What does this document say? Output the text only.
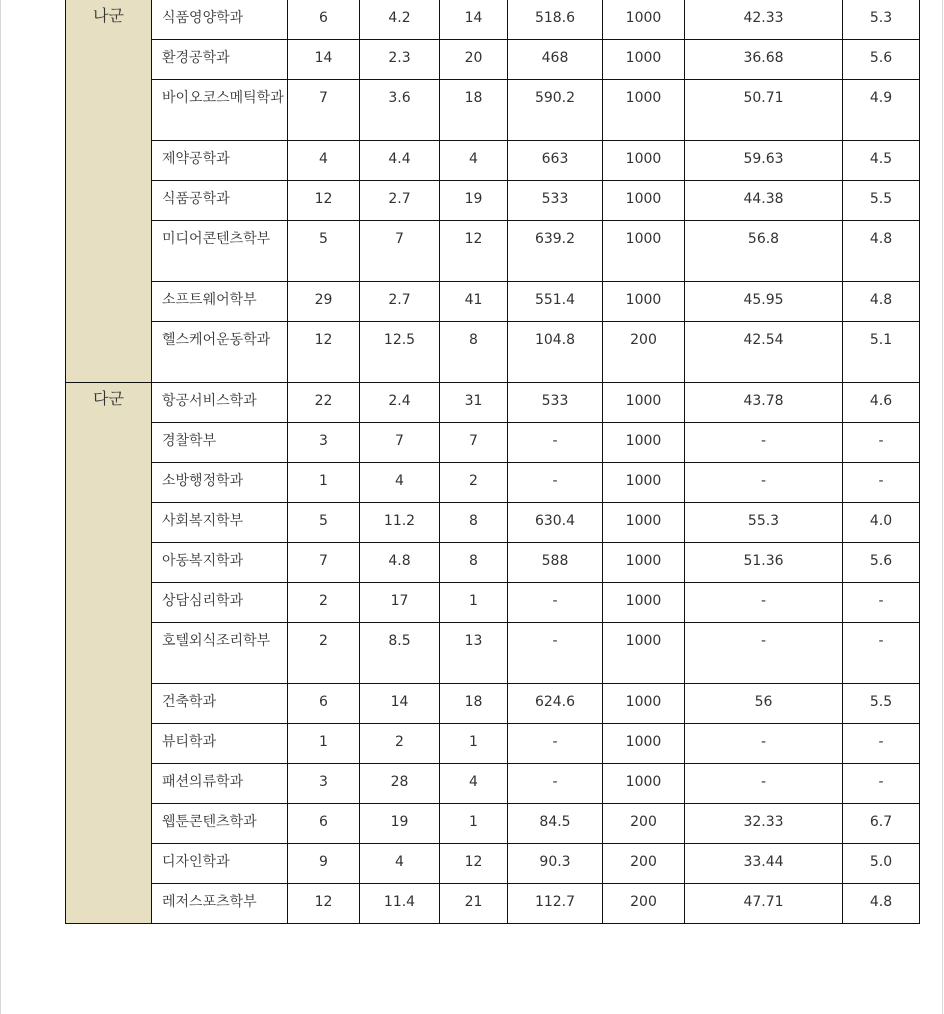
나군	식품영양학과	6	4.2	14	518.6	1000	42.33	5.3
	환경공학과	14	2.3	20	468	1000	36.68	5.6
	바이오코스메틱학과	7	3.6	18	590.2	1000	50.71	4.9
	제약공학과	4	4.4	4	663	1000	59.63	4.5
	식품공학과	12	2.7	19	533	1000	44.38	5.5
	미디어콘텐츠학부	5	7	12	639.2	1000	56.8	4.8
	소프트웨어학부	29	2.7	41	551.4	1000	45.95	4.8
	헬스케어운동학과	12	12.5	8	104.8	200	42.54	5.1
다군	항공서비스학과	22	2.4	31	533	1000	43.78	4.6
	경찰학부	3	7	7	-	1000	-	-
	소방행정학과	1	4	2	-	1000	-	-
	사회복지학부	5	11.2	8	630.4	1000	55.3	4.0
	아동복지학과	7	4.8	8	588	1000	51.36	5.6
	상담심리학과	2	17	1	-	1000	-	-
	호텔외식조리학부	2	8.5	13	-	1000	-	-
	건축학과	6	14	18	624.6	1000	56	5.5
	뷰티학과	1	2	1	-	1000	-	-
	패션의류학과	3	28	4	-	1000	-	-
	웹툰콘텐츠학과	6	19	1	84.5	200	32.33	6.7
	디자인학과	9	4	12	90.3	200	33.44	5.0
	레저스포츠학부	12	11.4	21	112.7	200	47.71	4.8
